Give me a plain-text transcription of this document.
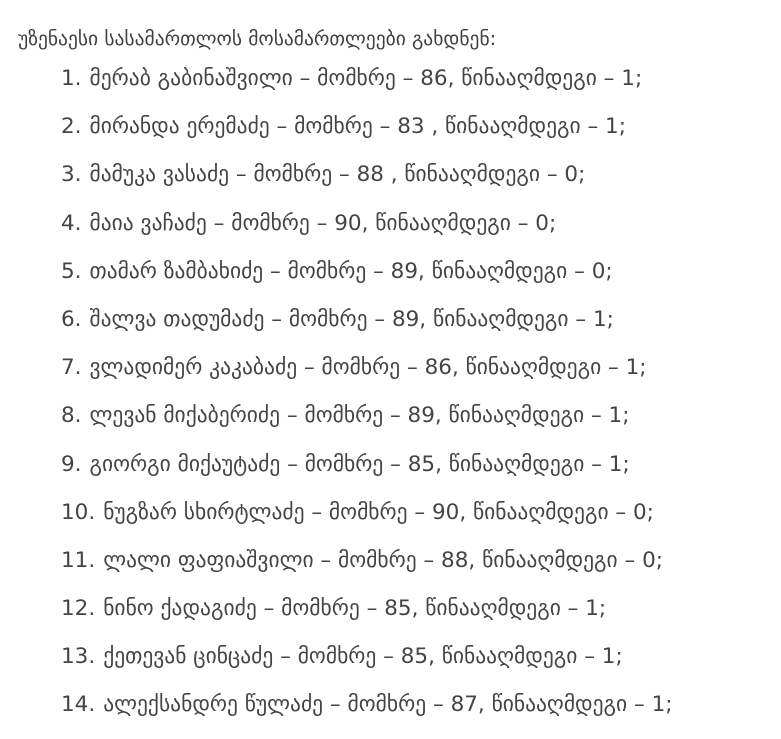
უზენაესი სასამართლოს მოსამართლეები გახდნენ:

1. მერაბ გაბინაშვილი – მომხრე – 86, წინააღმდეგი – 1;
2. მირანდა ერემაძე – მომხრე – 83 , წინააღმდეგი – 1;
3. მამუკა ვასაძე – მომხრე – 88 , წინააღმდეგი – 0;
4. მაია ვაჩაძე – მომხრე – 90, წინააღმდეგი – 0;
5. თამარ ზამბახიძე – მომხრე – 89, წინააღმდეგი – 0;
6. შალვა თადუმაძე – მომხრე – 89, წინააღმდეგი – 1;
7. ვლადიმერ კაკაბაძე – მომხრე – 86, წინააღმდეგი – 1;
8. ლევან მიქაბერიძე – მომხრე – 89, წინააღმდეგი – 1;
9. გიორგი მიქაუტაძე – მომხრე – 85, წინააღმდეგი – 1;
10. ნუგზარ სხირტლაძე – მომხრე – 90, წინააღმდეგი – 0;
11. ლალი ფაფიაშვილი – მომხრე – 88, წინააღმდეგი – 0;
12. ნინო ქადაგიძე – მომხრე – 85, წინააღმდეგი – 1;
13. ქეთევან ცინცაძე – მომხრე – 85, წინააღმდეგი – 1;
14. ალექსანდრე წულაძე – მომხრე – 87, წინააღმდეგი – 1;
